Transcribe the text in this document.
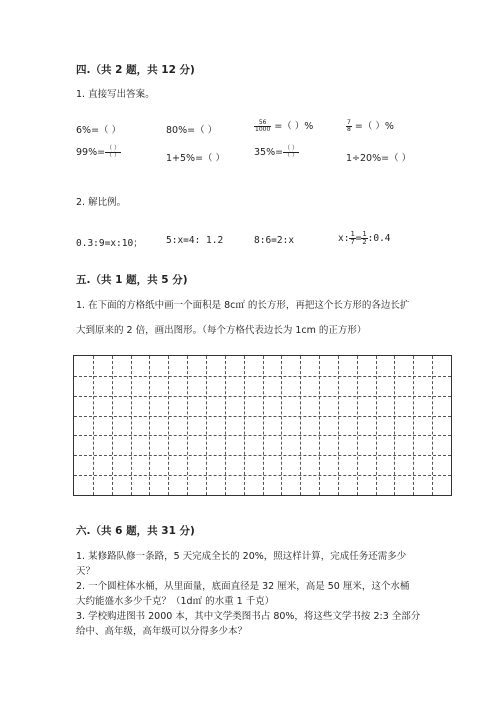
四.（共 2 题，共 12 分)
1. 直接写出答案。
6%=（ ）	80%=（ ）	$\frac{56}{1000}$ =（ ）%	$\frac{7}{8}$ =（ ）%
$99\%= \frac{( )}{( )}$	1+5%=（ ）
$35\%= \frac{( )}{( )}$	1÷20%=（ ）
2. 解比例。
0.3:9=x:10； 5:x=4: 1.2	8:6=2:x	x: $\frac{1}{7} = \frac{1}{2}$ :0.4
五.（共 1 题，共 5 分)
1. 在下面的方格纸中画一个面积是 8c㎡ 的长方形，再把这个长方形的各边长扩
大到原来的 2 倍，画出图形。（每个方格代表边长为 1cm 的正方形）
六.（共 6 题，共 31 分)
1. 某修路队修一条路，5 天完成全长的 20%，照这样计算，完成任务还需多少
天？
2. 一个圆柱体水桶，从里面量，底面直径是 32 厘米，高是 50 厘米，这个水桶
大约能盛水多少千克？（1d㎡ 的水重 1 千克）
3. 学校购进图书 2000 本，其中文学类图书占 80%，将这些文学书按 2:3 全部分
给中、高年级，高年级可以分得多少本？
